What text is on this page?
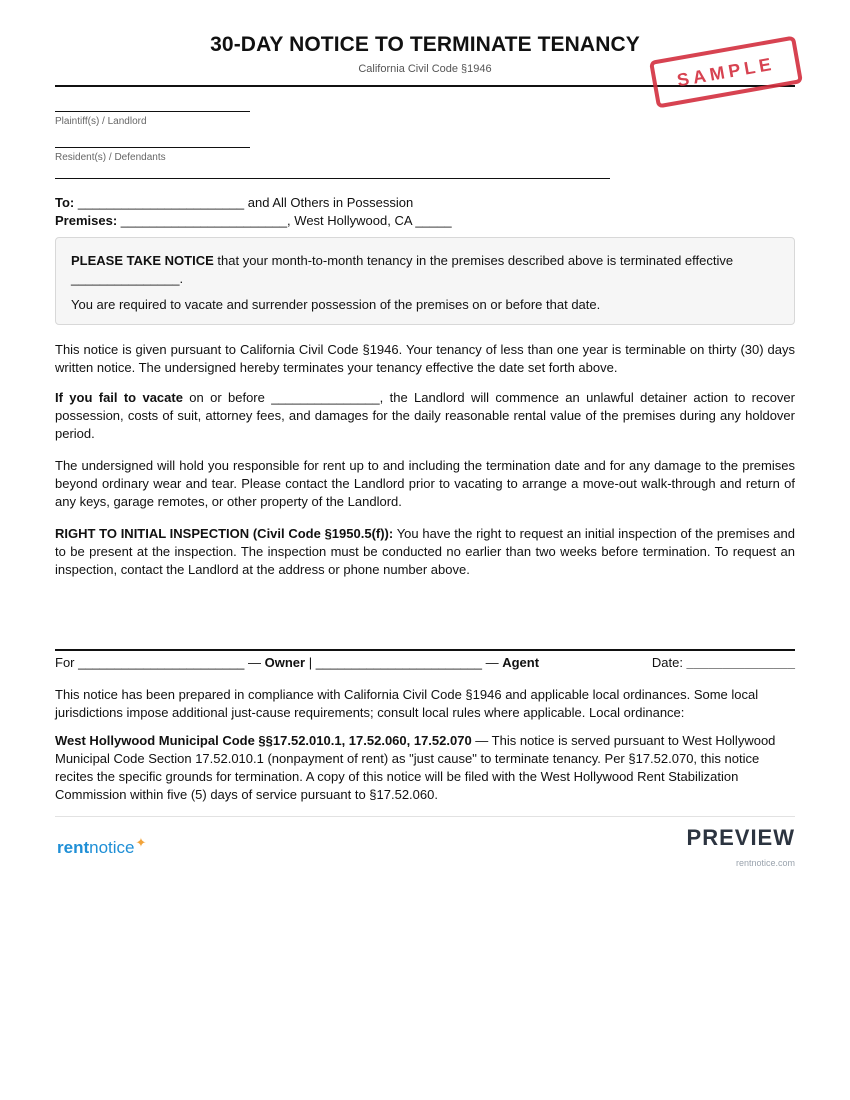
30-DAY NOTICE TO TERMINATE TENANCY
California Civil Code §1946	SAMPLE
Plaintiff(s) / Landlord
Resident(s) / Defendants
To: _______________________ and All Others in Possession
Premises: _______________________, West Hollywood, CA _____

PLEASE TAKE NOTICE that your month-to-month tenancy in the premises described above is terminated effective _______________.

You are required to vacate and surrender possession of the premises on or before that date.

This notice is given pursuant to California Civil Code §1946. Your tenancy of less than one year is terminable on thirty (30) days written notice. The undersigned hereby terminates your tenancy effective the date set forth above.

If you fail to vacate on or before _______________, the Landlord will commence an unlawful detainer action to recover possession, costs of suit, attorney fees, and damages for the daily reasonable rental value of the premises during any holdover period.

The undersigned will hold you responsible for rent up to and including the termination date and for any damage to the premises beyond ordinary wear and tear. Please contact the Landlord prior to vacating to arrange a move-out walk-through and return of any keys, garage remotes, or other property of the Landlord.

RIGHT TO INITIAL INSPECTION (Civil Code §1950.5(f)): You have the right to request an initial inspection of the premises and to be present at the inspection. The inspection must be conducted no earlier than two weeks before termination. To request an inspection, contact the Landlord at the address or phone number above.

For _______________________ — Owner | _______________________ — Agent	Date: _______________

This notice has been prepared in compliance with California Civil Code §1946 and applicable local ordinances. Some local jurisdictions impose additional just-cause requirements; consult local rules where applicable. Local ordinance:

West Hollywood Municipal Code §§17.52.010.1, 17.52.060, 17.52.070 — This notice is served pursuant to West Hollywood Municipal Code Section 17.52.010.1 (nonpayment of rent) as "just cause" to terminate tenancy. Per §17.52.070, this notice recites the specific grounds for termination. A copy of this notice will be filed with the West Hollywood Rent Stabilization Commission within five (5) days of service pursuant to §17.52.060.

rentnotice✦	PREVIEW
rentnotice.com
